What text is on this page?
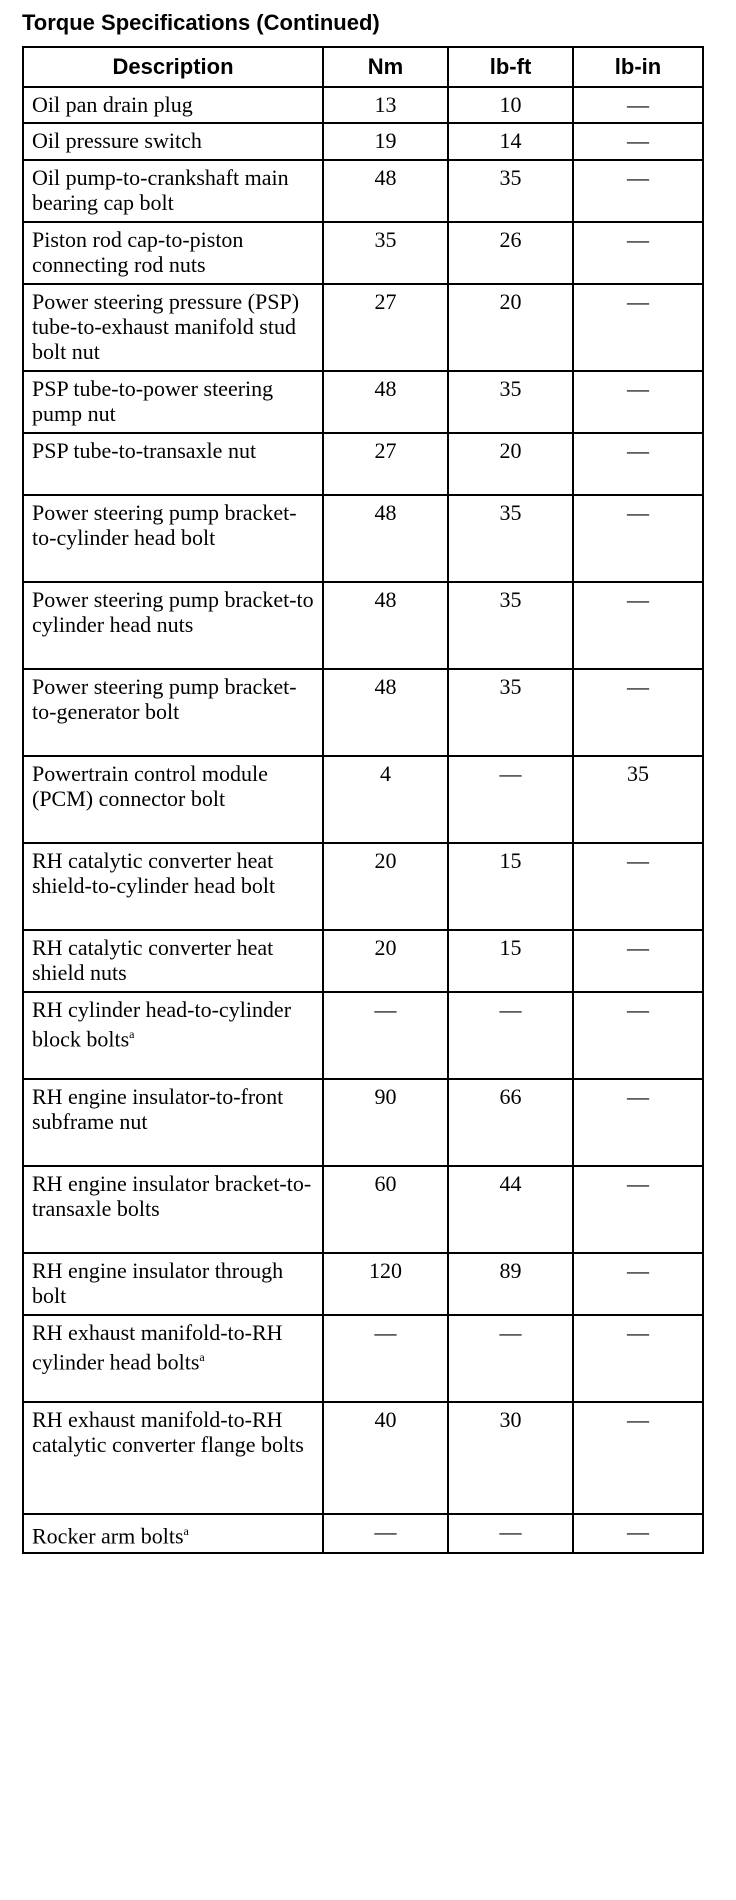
Torque Specifications (Continued)
Description	Nm	lb-ft	lb-in
Oil pan drain plug	13	10	—
Oil pressure switch	19	14	—
Oil pump-to-crankshaft main bearing cap bolt	48	35	—
Piston rod cap-to-piston connecting rod nuts	35	26	—
Power steering pressure (PSP) tube-to-exhaust manifold stud bolt nut	27	20	—
PSP tube-to-power steering pump nut	48	35	—
PSP tube-to-transaxle nut	27	20	—
Power steering pump bracket-to-cylinder head bolt	48	35	—
Power steering pump bracket-to cylinder head nuts	48	35	—
Power steering pump bracket-to-generator bolt	48	35	—
Powertrain control module (PCM) connector bolt	4	—	35
RH catalytic converter heat shield-to-cylinder head bolt	20	15	—
RH catalytic converter heat shield nuts	20	15	—
RH cylinder head-to-cylinder block bolts$^a$	—	—	—
RH engine insulator-to-front subframe nut	90	66	—
RH engine insulator bracket-to-transaxle bolts	60	44	—
RH engine insulator through bolt	120	89	—
RH exhaust manifold-to-RH cylinder head bolts$^a$	—	—	—
RH exhaust manifold-to-RH catalytic converter flange bolts	40	30	—
Rocker arm bolts$^a$	—	—	—
